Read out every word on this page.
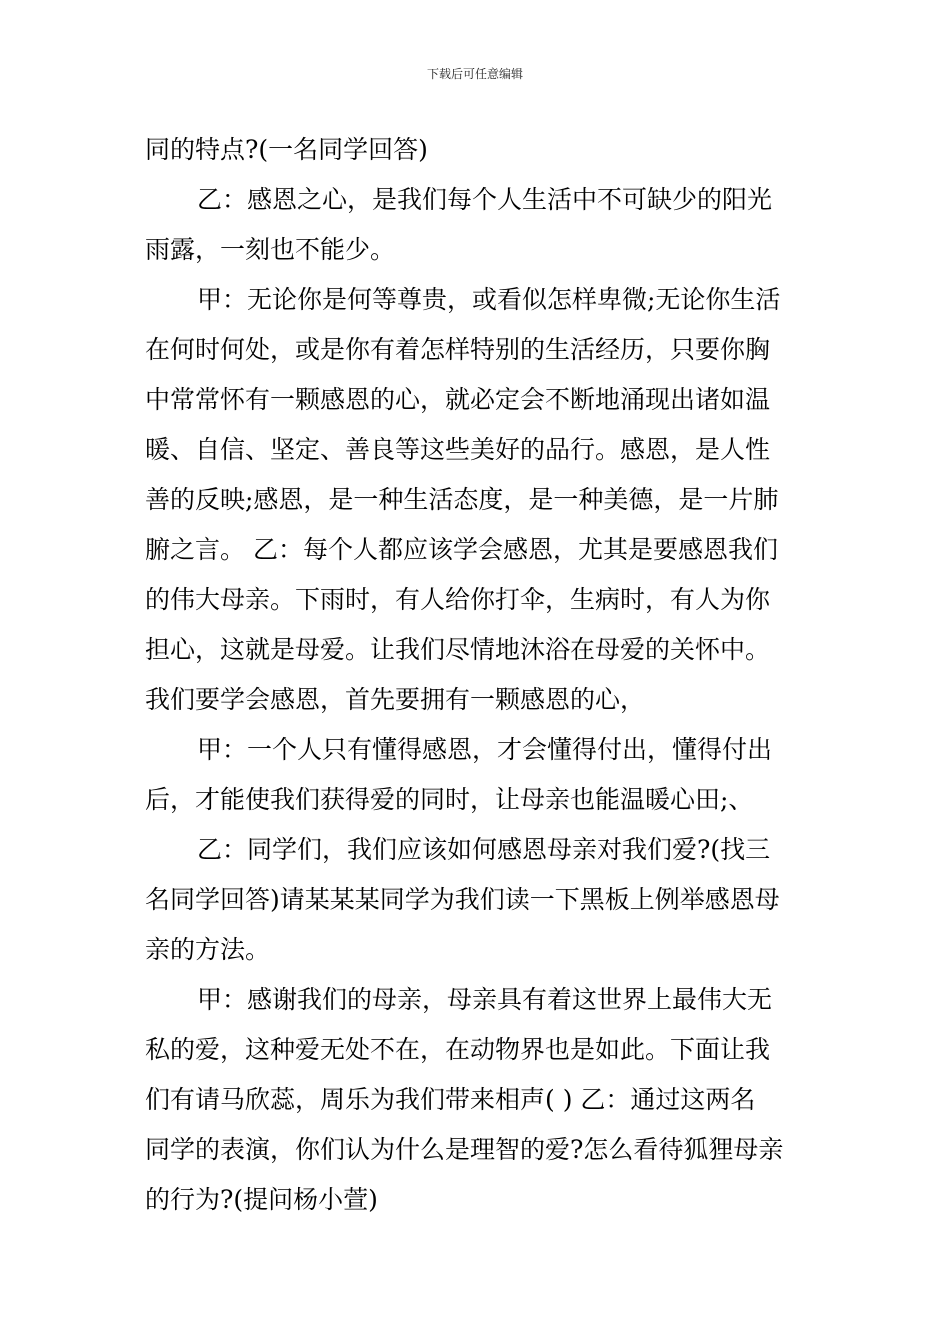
下载后可任意编辑
同的特点?(一名同学回答)
乙：感恩之心，是我们每个人生活中不可缺少的阳光
雨露，一刻也不能少。
甲：无论你是何等尊贵，或看似怎样卑微;无论你生活
在何时何处，或是你有着怎样特别的生活经历，只要你胸
中常常怀有一颗感恩的心，就必定会不断地涌现出诸如温
暖、自信、坚定、善良等这些美好的品行。感恩，是人性
善的反映;感恩，是一种生活态度，是一种美德，是一片肺
腑之言。 乙：每个人都应该学会感恩，尤其是要感恩我们
的伟大母亲。下雨时，有人给你打伞，生病时，有人为你
担心，这就是母爱。让我们尽情地沐浴在母爱的关怀中。
我们要学会感恩，首先要拥有一颗感恩的心，
甲：一个人只有懂得感恩，才会懂得付出，懂得付出
后，才能使我们获得爱的同时，让母亲也能温暖心田;、
乙：同学们，我们应该如何感恩母亲对我们爱?(找三
名同学回答)请某某某同学为我们读一下黑板上例举感恩母
亲的方法。
甲：感谢我们的母亲，母亲具有着这世界上最伟大无
私的爱，这种爱无处不在，在动物界也是如此。下面让我
们有请马欣蕊，周乐为我们带来相声( ) 乙：通过这两名
同学的表演，你们认为什么是理智的爱?怎么看待狐狸母亲
的行为?(提问杨小萱)
